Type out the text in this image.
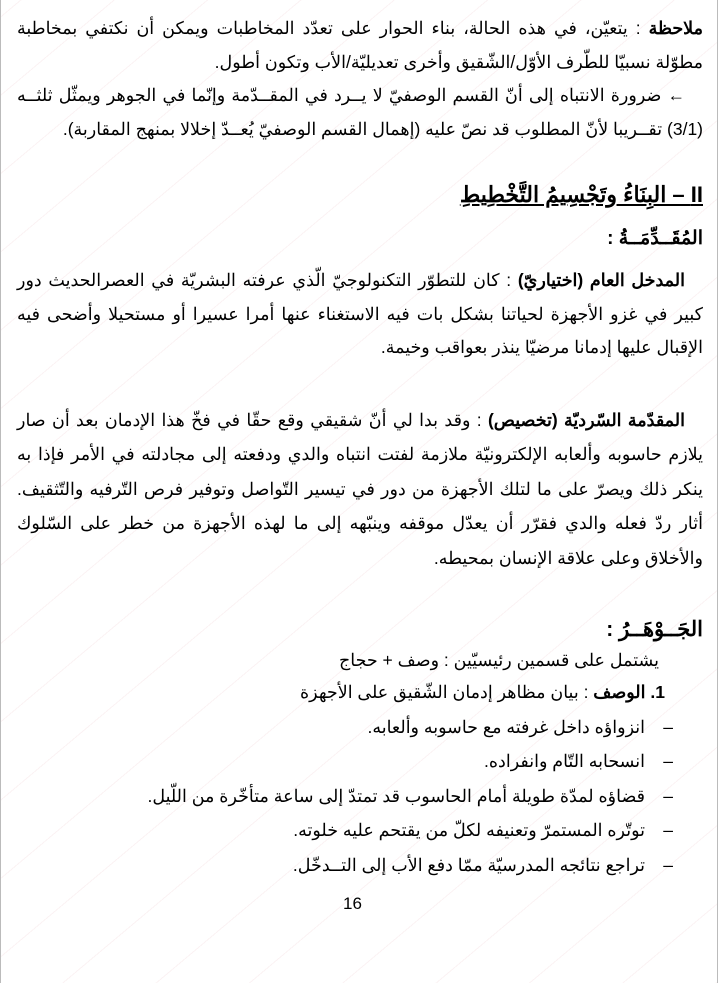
ملاحظة : يتعيّن، في هذه الحالة، بناء الحوار على تعدّد المخاطبات ويمكن أن نكتفي بمخاطبة مطوّلة نسبيّا للطّرف الأوّل/الشّقيق وأخرى تعديليّة/الأب وتكون أطول.
← ضرورة الانتباه إلى أنّ القسم الوصفيّ لا يــرد في المقــدّمة وإنّما في الجوهر ويمثّل ثلثــه (3/1) تقــريبا لأنّ المطلوب قد نصّ عليه (إهمال القسم الوصفيّ يُعــدّ إخلالا بمنهج المقاربة).
II – البِنَاءُ وتَجْسِيمُ التَّخْطِيطِ
المُقَــدِّمَــةُ :
المدخل العام (اختياريّ) : كان للتطوّر التكنولوجيّ الّذي عرفته البشريّة في العصرالحديث دور كبير في غزو الأجهزة لحياتنا بشكل بات فيه الاستغناء عنها أمرا عسيرا أو مستحيلا وأضحى فيه الإقبال عليها إدمانا مرضيّا ينذر بعواقب وخيمة.
المقدّمة السّرديّة (تخصيص) : وقد بدا لي أنّ شقيقي وقع حقّا في فخّ هذا الإدمان بعد أن صار يلازم حاسوبه وألعابه الإلكترونيّة ملازمة لفتت انتباه والدي ودفعته إلى مجادلته في الأمر فإذا به ينكر ذلك ويصرّ على ما لتلك الأجهزة من دور في تيسير التّواصل وتوفير فرص التّرفيه والتّثقيف. أثار ردّ فعله والدي فقرّر أن يعدّل موقفه وينبّهه إلى ما لهذه الأجهزة من خطر على السّلوك والأخلاق وعلى علاقة الإنسان بمحيطه.
الجَــوْهَــرُ :
يشتمل على قسمين رئيسيّين : وصف + حجاج
1. الوصف : بيان مظاهر إدمان الشّقيق على الأجهزة
–انزواؤه داخل غرفته مع حاسوبه وألعابه.
–انسحابه التّام وانفراده.
–قضاؤه لمدّة طويلة أمام الحاسوب قد تمتدّ إلى ساعة متأخّرة من اللّيل.
–توتّره المستمرّ وتعنيفه لكلّ من يقتحم عليه خلوته.
–تراجع نتائجه المدرسيّة ممّا دفع الأب إلى التــدخّل.
16
